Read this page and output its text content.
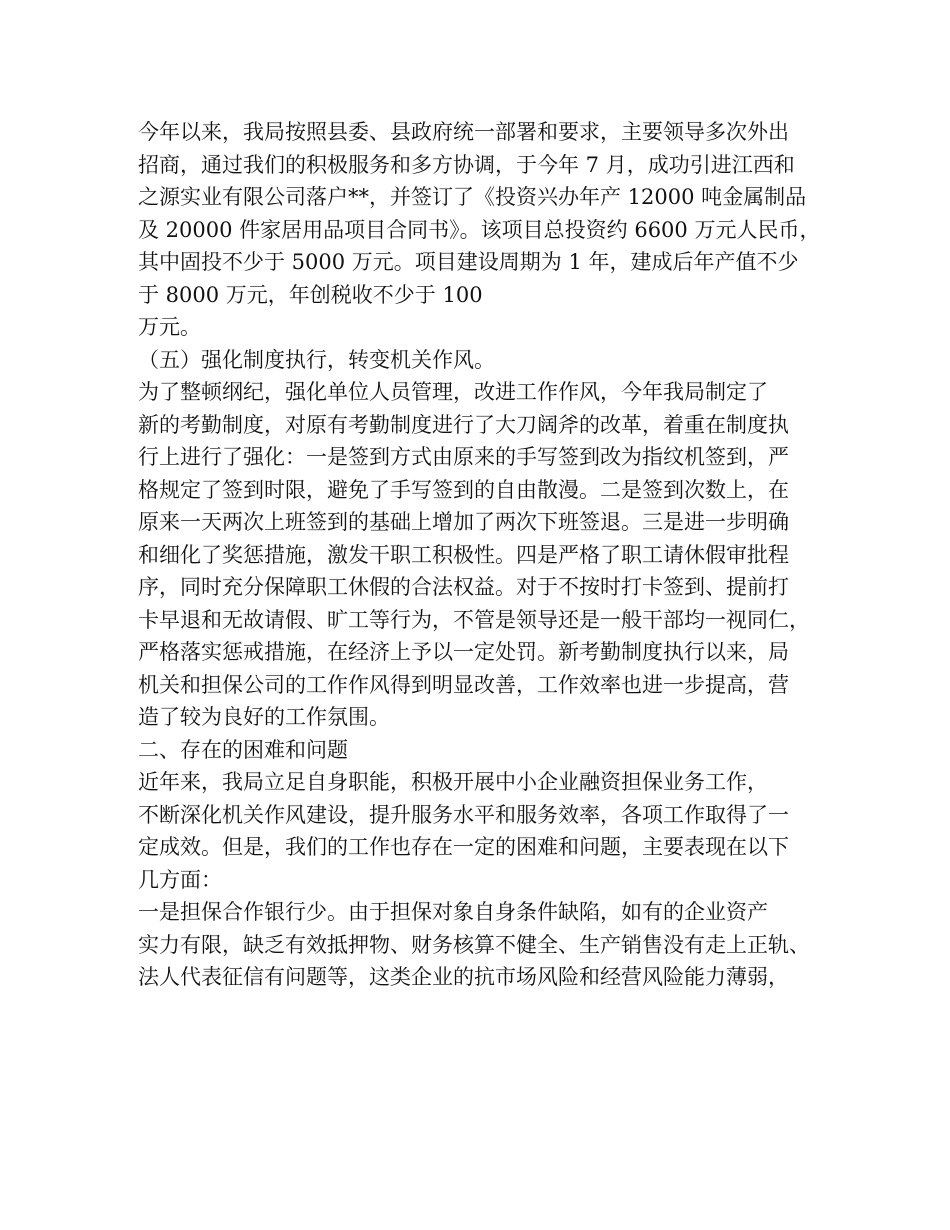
今年以来，我局按照县委、县政府统一部署和要求，主要领导多次外出
招商，通过我们的积极服务和多方协调，于今年 7 月，成功引进江西和
之源实业有限公司落户**，并签订了《投资兴办年产 12000 吨金属制品
及 20000 件家居用品项目合同书》。该项目总投资约 6600 万元人民币，
其中固投不少于 5000 万元。项目建设周期为 1 年，建成后年产值不少
于 8000 万元，年创税收不少于 100
万元。
（五）强化制度执行，转变机关作风。
为了整顿纲纪，强化单位人员管理，改进工作作风，今年我局制定了
新的考勤制度，对原有考勤制度进行了大刀阔斧的改革，着重在制度执
行上进行了强化：一是签到方式由原来的手写签到改为指纹机签到，严
格规定了签到时限，避免了手写签到的自由散漫。二是签到次数上，在
原来一天两次上班签到的基础上增加了两次下班签退。三是进一步明确
和细化了奖惩措施，激发干职工积极性。四是严格了职工请休假审批程
序，同时充分保障职工休假的合法权益。对于不按时打卡签到、提前打
卡早退和无故请假、旷工等行为，不管是领导还是一般干部均一视同仁，
严格落实惩戒措施，在经济上予以一定处罚。新考勤制度执行以来，局
机关和担保公司的工作作风得到明显改善，工作效率也进一步提高，营
造了较为良好的工作氛围。
二、存在的困难和问题
近年来，我局立足自身职能，积极开展中小企业融资担保业务工作，
不断深化机关作风建设，提升服务水平和服务效率，各项工作取得了一
定成效。但是，我们的工作也存在一定的困难和问题，主要表现在以下
几方面：
一是担保合作银行少。由于担保对象自身条件缺陷，如有的企业资产
实力有限，缺乏有效抵押物、财务核算不健全、生产销售没有走上正轨、
法人代表征信有问题等，这类企业的抗市场风险和经营风险能力薄弱，
